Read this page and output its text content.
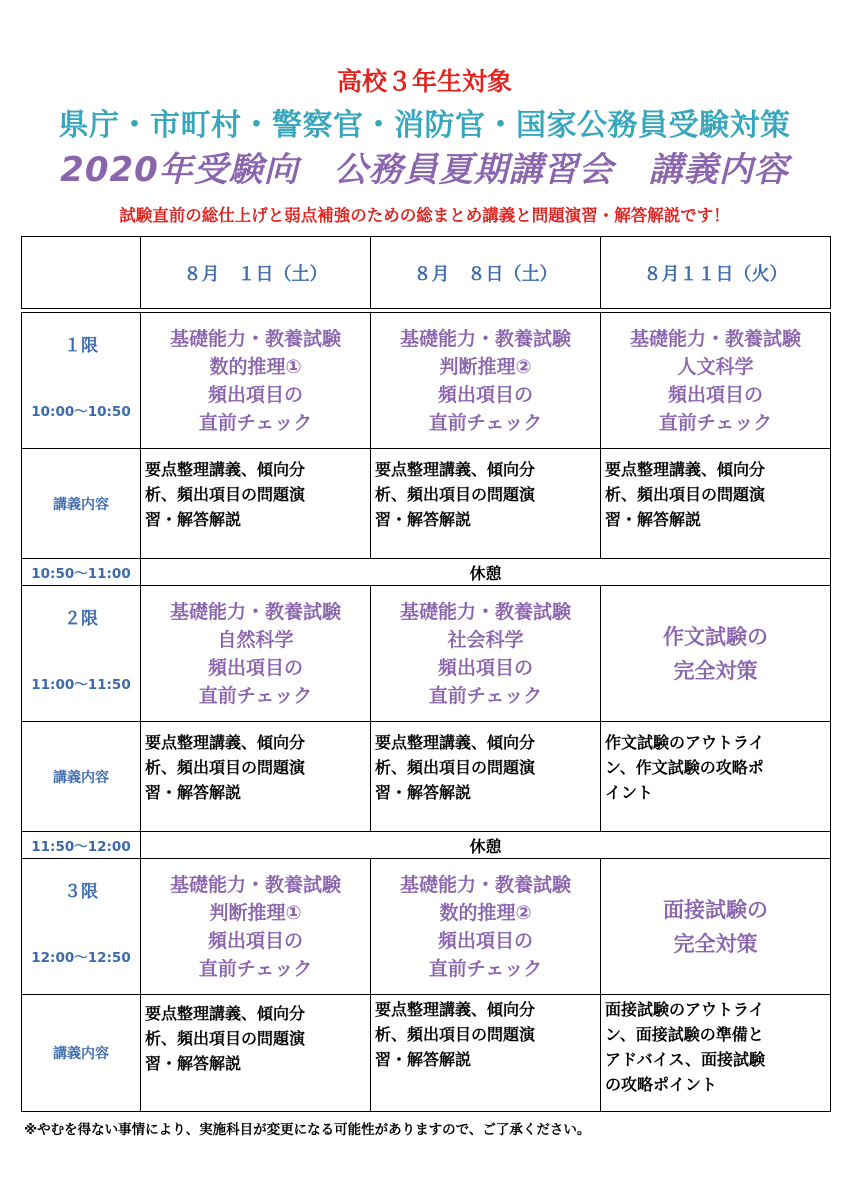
高校３年生対象
県庁・市町村・警察官・消防官・国家公務員受験対策
2020年受験向　公務員夏期講習会　講義内容
試験直前の総仕上げと弱点補強のための総まとめ講義と問題演習・解答解説です！
	８月　１日（土）	８月　８日（土）	８月１１日（火）

１限
10:00～10:50	基礎能力・教養試験
数的推理①
頻出項目の
直前チェック	基礎能力・教養試験
判断推理②
頻出項目の
直前チェック	基礎能力・教養試験
人文科学
頻出項目の
直前チェック

講義内容	要点整理講義、傾向分
析、頻出項目の問題演
習・解答解説	要点整理講義、傾向分
析、頻出項目の問題演
習・解答解説	要点整理講義、傾向分
析、頻出項目の問題演
習・解答解説

10:50～11:00	休憩		

２限
11:00～11:50	基礎能力・教養試験
自然科学
頻出項目の
直前チェック	基礎能力・教養試験
社会科学
頻出項目の
直前チェック	作文試験の
完全対策

講義内容	要点整理講義、傾向分
析、頻出項目の問題演
習・解答解説	要点整理講義、傾向分
析、頻出項目の問題演
習・解答解説	作文試験のアウトライ
ン、作文試験の攻略ポ
イント

11:50～12:00	休憩		

３限
12:00～12:50	基礎能力・教養試験
判断推理①
頻出項目の
直前チェック	基礎能力・教養試験
数的推理②
頻出項目の
直前チェック	面接試験の
完全対策

講義内容	要点整理講義、傾向分
析、頻出項目の問題演
習・解答解説	要点整理講義、傾向分
析、頻出項目の問題演
習・解答解説	面接試験のアウトライ
ン、面接試験の準備と
アドバイス、面接試験
の攻略ポイント
※やむを得ない事情により、実施科目が変更になる可能性がありますので、ご了承ください。
